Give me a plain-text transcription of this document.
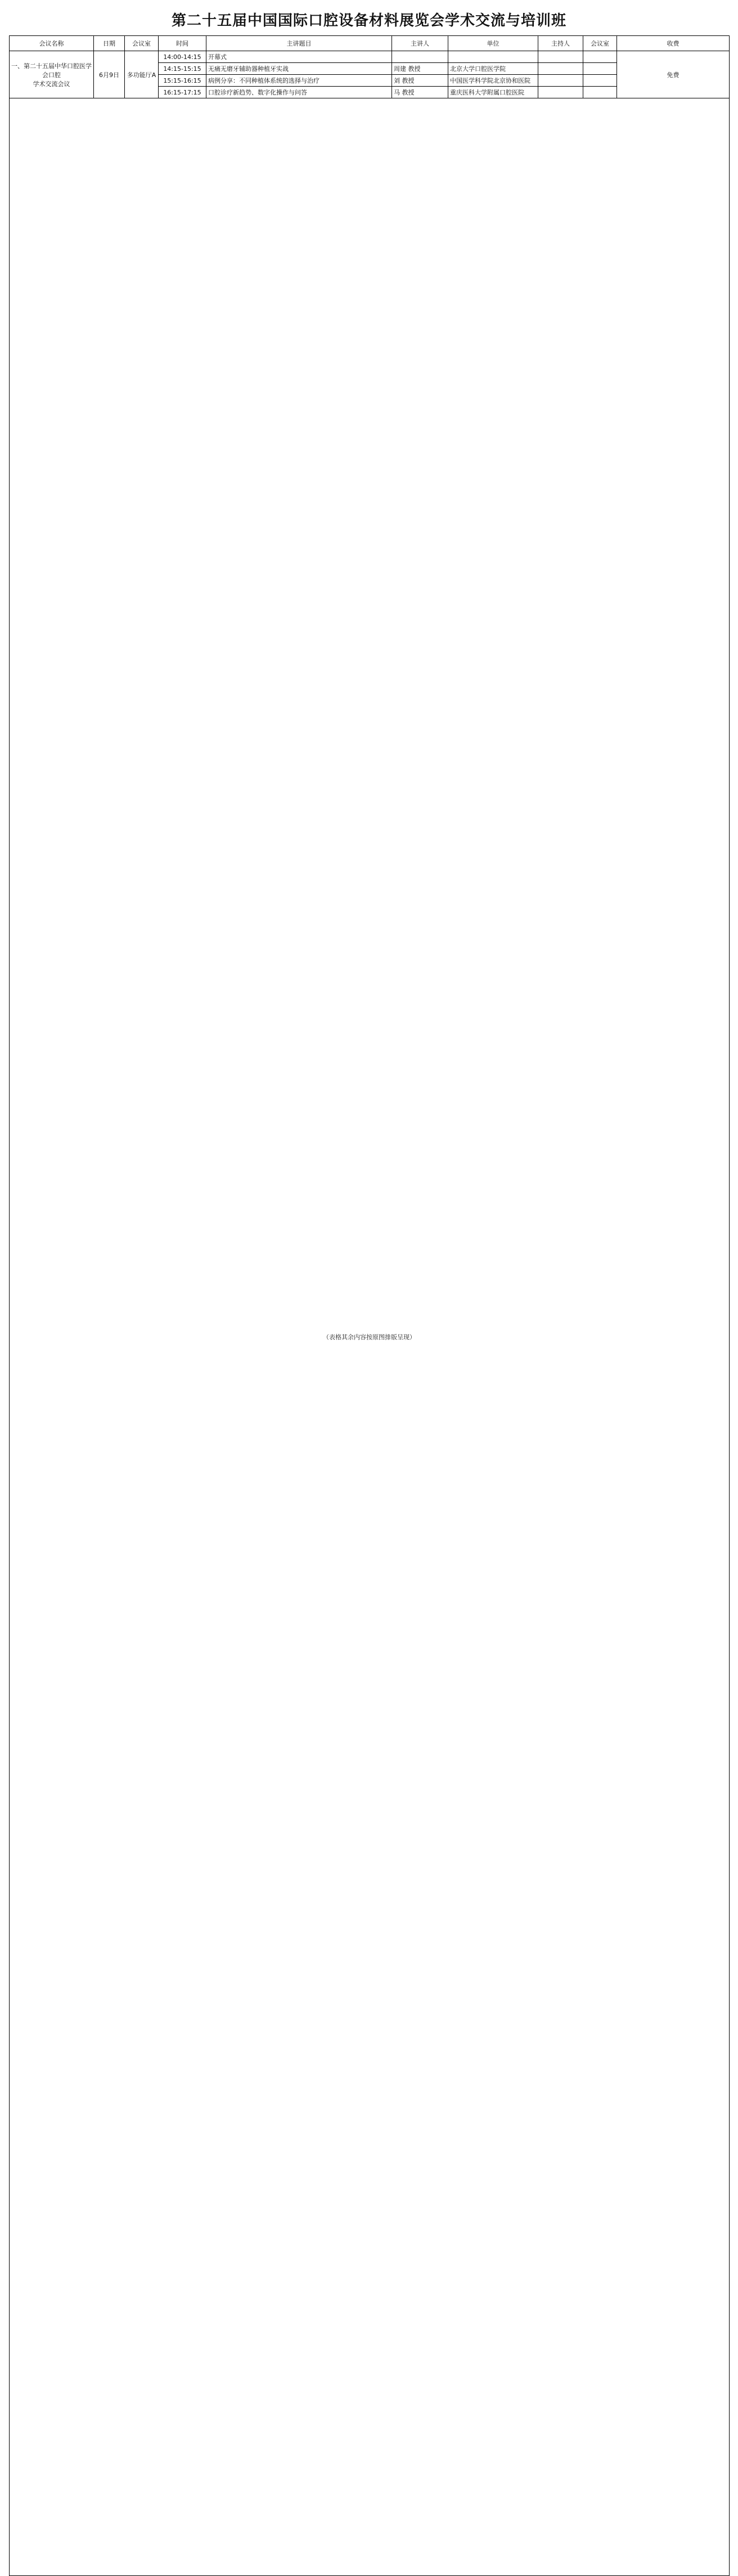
第二十五届中国国际口腔设备材料展览会学术交流与培训班
会议名称	日期	会议室	时间	主讲题目	主讲人	单位	主持人	会议室	收费
一、第二十五届中华口腔医学会口腔
学术交流会议	6月9日	多功能厅A	14:00-14:15	开幕式					免费
			14:15-15:15	无痛无磨牙辅助器种植牙实战	周建 教授	北京大学口腔医学院			
			15:15-16:15	病例分享：不同种植体系统的选择与治疗	刘 教授	中国医学科学院北京协和医院			
			16:15-17:15	口腔诊疗新趋势、数字化操作与问答	马 教授	重庆医科大学附属口腔医院			
（表格其余内容按原图排版呈现）									
